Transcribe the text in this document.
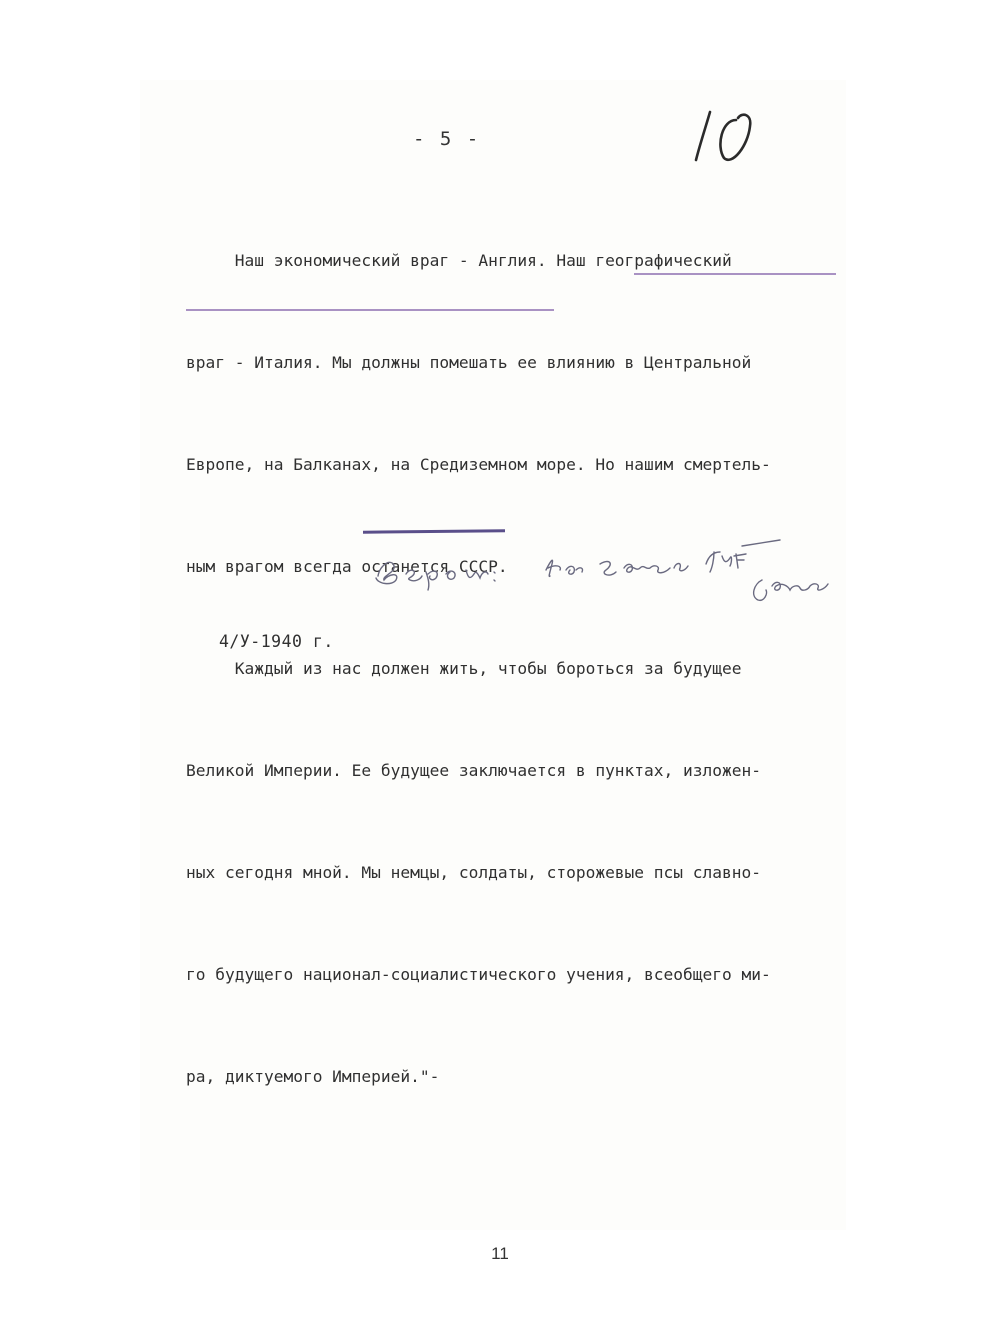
- 5 -

Наш экономический враг - Англия. Наш географический

враг - Италия. Мы должны помешать ее влиянию в Центральной

Европе, на Балканах, на Средиземном море. Но нашим смертель-

ным врагом всегда останется СССР.

Каждый из нас должен жить, чтобы бороться за будущее

Великой Империи. Ее будущее заключается в пунктах, изложен-

ных сегодня мной. Мы немцы, солдаты, сторожевые псы славно-

го будущего национал-социалистического учения, всеобщего ми-

ра, диктуемого Империей."-

4/У-1940 г.
11
